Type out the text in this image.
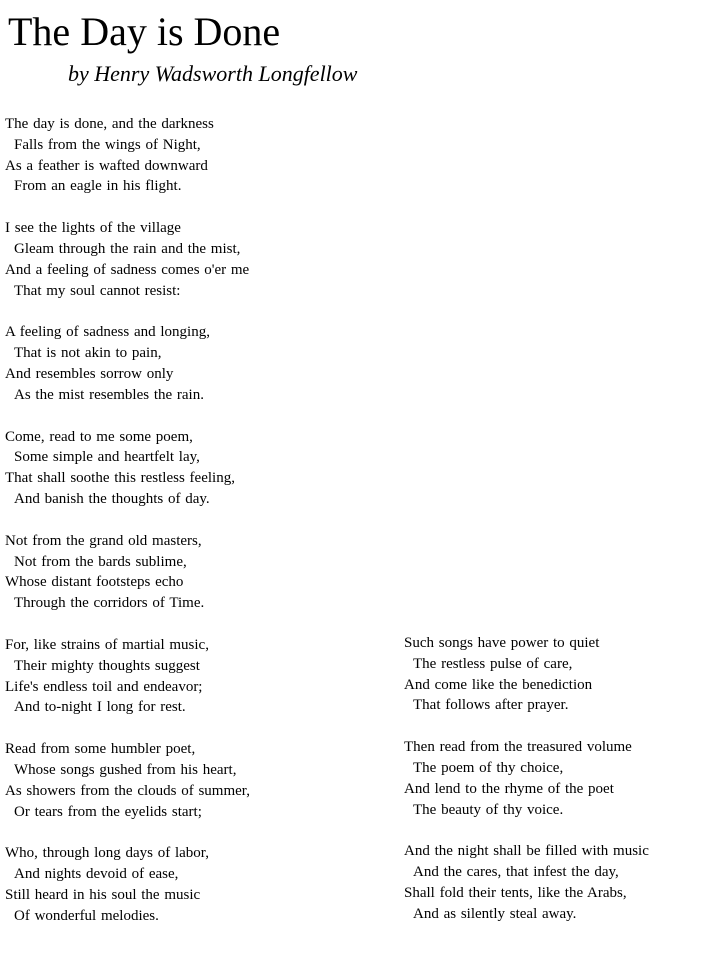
The Day is Done
by Henry Wadsworth Longfellow
The day is done, and the darkness
Falls from the wings of Night,
As a feather is wafted downward
From an eagle in his flight.
I see the lights of the village
Gleam through the rain and the mist,
And a feeling of sadness comes o'er me
That my soul cannot resist:
A feeling of sadness and longing,
That is not akin to pain,
And resembles sorrow only
As the mist resembles the rain.
Come, read to me some poem,
Some simple and heartfelt lay,
That shall soothe this restless feeling,
And banish the thoughts of day.
Not from the grand old masters,
Not from the bards sublime,
Whose distant footsteps echo
Through the corridors of Time.
For, like strains of martial music,
Their mighty thoughts suggest
Life's endless toil and endeavor;
And to-night I long for rest.
Read from some humbler poet,
Whose songs gushed from his heart,
As showers from the clouds of summer,
Or tears from the eyelids start;
Who, through long days of labor,
And nights devoid of ease,
Still heard in his soul the music
Of wonderful melodies.
Such songs have power to quiet
The restless pulse of care,
And come like the benediction
That follows after prayer.
Then read from the treasured volume
The poem of thy choice,
And lend to the rhyme of the poet
The beauty of thy voice.
And the night shall be filled with music
And the cares, that infest the day,
Shall fold their tents, like the Arabs,
And as silently steal away.
